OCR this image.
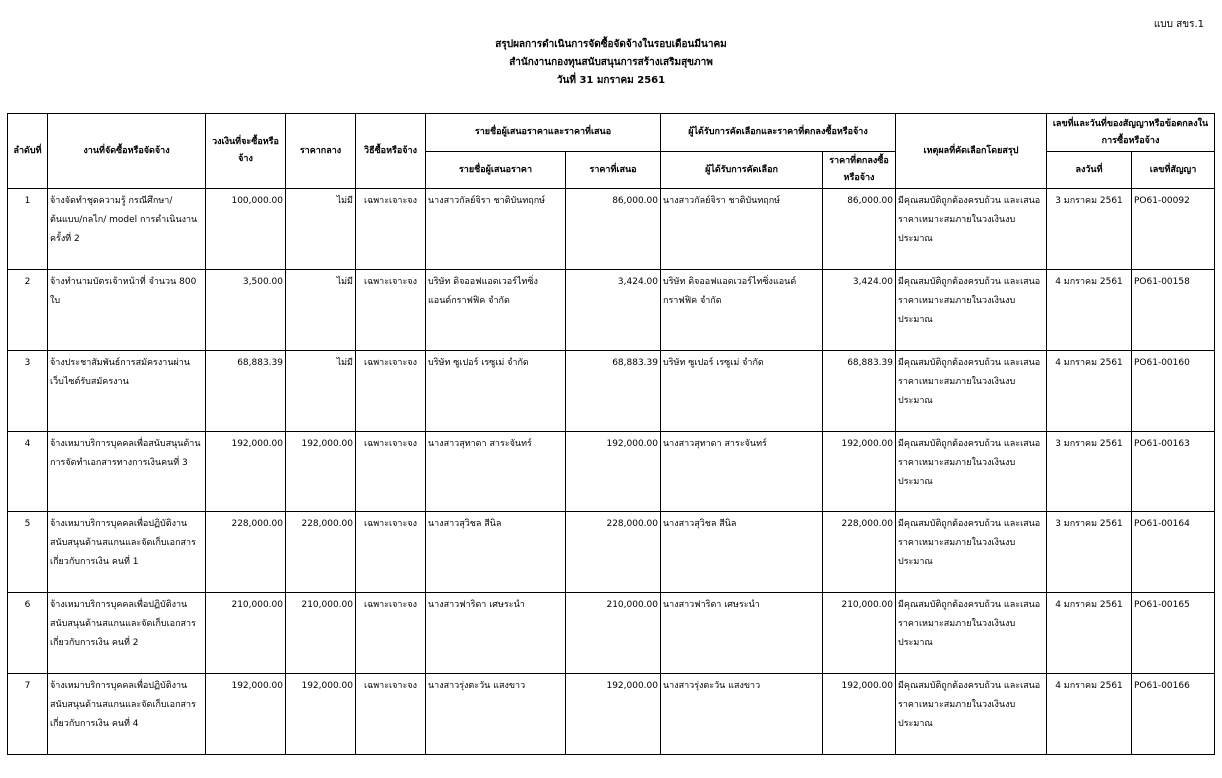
แบบ สขร.1
สรุปผลการดำเนินการจัดซื้อจัดจ้างในรอบเดือนมีนาคม
สำนักงานกองทุนสนับสนุนการสร้างเสริมสุขภาพ
วันที่ 31 มกราคม 2561
ลำดับที่	งานที่จัดซื้อหรือจัดจ้าง	วงเงินที่จะซื้อหรือจ้าง	ราคากลาง	วิธีซื้อหรือจ้าง	รายชื่อผู้เสนอราคาและราคาที่เสนอ		ผู้ได้รับการคัดเลือกและราคาที่ตกลงซื้อหรือจ้าง		เหตุผลที่คัดเลือกโดยสรุป	เลขที่และวันที่ของสัญญาหรือข้อตกลงในการซื้อหรือจ้าง	
					รายชื่อผู้เสนอราคา	ราคาที่เสนอ	ผู้ได้รับการคัดเลือก	ราคาที่ตกลงซื้อหรือจ้าง		ลงวันที่	เลขที่สัญญา
1	จ้างจัดทำชุดความรู้ กรณีศึกษา/ต้นแบบ/กลไก/ model การดำเนินงาน ครั้งที่ 2	100,000.00	ไม่มี	เฉพาะเจาะจง	นางสาวกัลย์จิรา ชาติบันทฤกษ์	86,000.00	นางสาวกัลย์จิรา ชาติบันทฤกษ์	86,000.00	มีคุณสมบัติถูกต้องครบถ้วน และเสนอราคาเหมาะสมภายในวงเงินงบประมาณ	3 มกราคม 2561	PO61-00092
2	จ้างทำนามบัตรเจ้าหน้าที่ จำนวน 800 ใบ	3,500.00	ไม่มี	เฉพาะเจาะจง	บริษัท ดิจออฟแอดเวอร์ไทซิ่ง แอนด์กราฟฟิค จำกัด	3,424.00	บริษัท ดิจออฟแอดเวอร์ไทซิ่งแอนด์ กราฟฟิค จำกัด	3,424.00	มีคุณสมบัติถูกต้องครบถ้วน และเสนอราคาเหมาะสมภายในวงเงินงบประมาณ	4 มกราคม 2561	PO61-00158
3	จ้างประชาสัมพันธ์การสมัครงานผ่านเว็บไซต์รับสมัครงาน	68,883.39	ไม่มี	เฉพาะเจาะจง	บริษัท ซูเปอร์ เรซูเม่ จำกัด	68,883.39	บริษัท ซูเปอร์ เรซูเม่ จำกัด	68,883.39	มีคุณสมบัติถูกต้องครบถ้วน และเสนอราคาเหมาะสมภายในวงเงินงบประมาณ	4 มกราคม 2561	PO61-00160
4	จ้างเหมาบริการบุคคลเพื่อสนับสนุนด้านการจัดทำเอกสารทางการเงินคนที่ 3	192,000.00	192,000.00	เฉพาะเจาะจง	นางสาวสุทาดา สาระจันทร์	192,000.00	นางสาวสุทาดา สาระจันทร์	192,000.00	มีคุณสมบัติถูกต้องครบถ้วน และเสนอราคาเหมาะสมภายในวงเงินงบประมาณ	3 มกราคม 2561	PO61-00163
5	จ้างเหมาบริการบุคคลเพื่อปฏิบัติงานสนับสนุนด้านสแกนและจัดเก็บเอกสารเกี่ยวกับการเงิน คนที่ 1	228,000.00	228,000.00	เฉพาะเจาะจง	นางสาวสุวิชล สีนิล	228,000.00	นางสาวสุวิชล สีนิล	228,000.00	มีคุณสมบัติถูกต้องครบถ้วน และเสนอราคาเหมาะสมภายในวงเงินงบประมาณ	3 มกราคม 2561	PO61-00164
6	จ้างเหมาบริการบุคคลเพื่อปฏิบัติงานสนับสนุนด้านสแกนและจัดเก็บเอกสารเกี่ยวกับการเงิน คนที่ 2	210,000.00	210,000.00	เฉพาะเจาะจง	นางสาวฟาริดา เศษระนำ	210,000.00	นางสาวฟาริดา เศษระนำ	210,000.00	มีคุณสมบัติถูกต้องครบถ้วน และเสนอราคาเหมาะสมภายในวงเงินงบประมาณ	4 มกราคม 2561	PO61-00165
7	จ้างเหมาบริการบุคคลเพื่อปฏิบัติงานสนับสนุนด้านสแกนและจัดเก็บเอกสารเกี่ยวกับการเงิน คนที่ 4	192,000.00	192,000.00	เฉพาะเจาะจง	นางสาวรุ่งตะวัน แสงขาว	192,000.00	นางสาวรุ่งตะวัน แสงขาว	192,000.00	มีคุณสมบัติถูกต้องครบถ้วน และเสนอราคาเหมาะสมภายในวงเงินงบประมาณ	4 มกราคม 2561	PO61-00166
